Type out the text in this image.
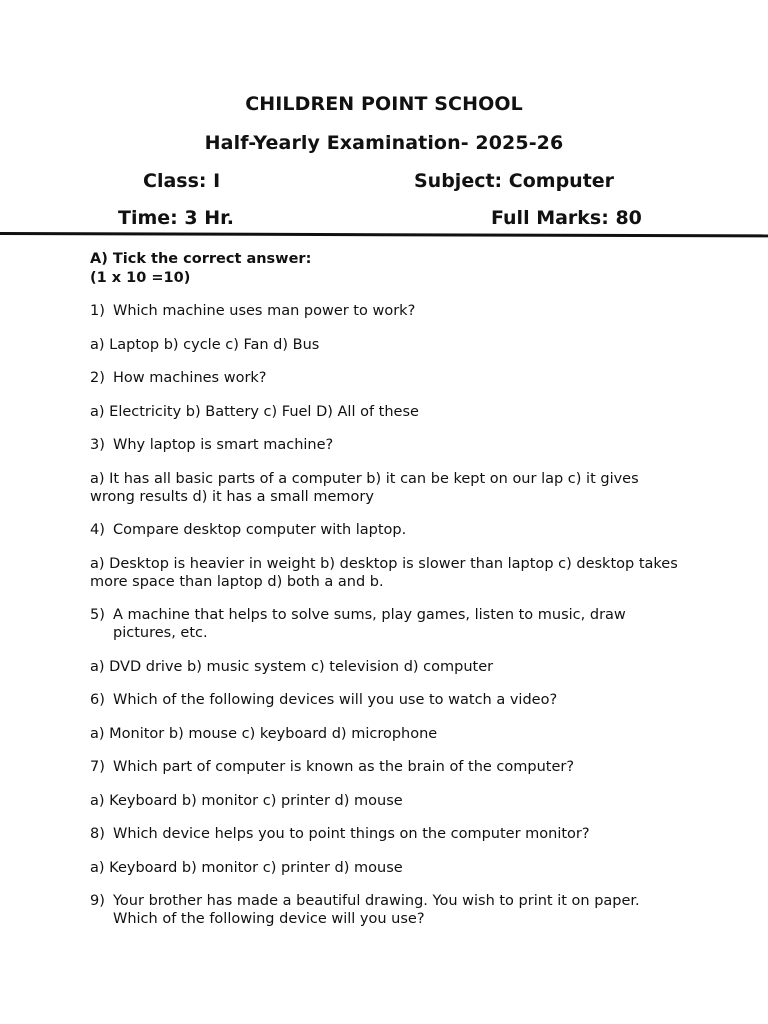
CHILDREN POINT SCHOOL
Half-Yearly Examination- 2025-26
Class: I	Subject: Computer
Time: 3 Hr.	Full Marks: 80
A) Tick the correct answer:
(1 x 10 =10)
1) Which machine uses man power to work?
a) Laptop b) cycle c) Fan d) Bus
2) How machines work?
a) Electricity b) Battery c) Fuel D) All of these
3) Why laptop is smart machine?
a) It has all basic parts of a computer b) it can be kept on our lap c) it gives wrong results d) it has a small memory
4) Compare desktop computer with laptop.
a) Desktop is heavier in weight b) desktop is slower than laptop c) desktop takes more space than laptop d) both a and b.
5) A machine that helps to solve sums, play games, listen to music, draw pictures, etc.
a) DVD drive b) music system c) television d) computer
6) Which of the following devices will you use to watch a video?
a) Monitor b) mouse c) keyboard d) microphone
7) Which part of computer is known as the brain of the computer?
a) Keyboard b) monitor c) printer d) mouse
8) Which device helps you to point things on the computer monitor?
a) Keyboard b) monitor c) printer d) mouse
9) Your brother has made a beautiful drawing. You wish to print it on paper. Which of the following device will you use?
